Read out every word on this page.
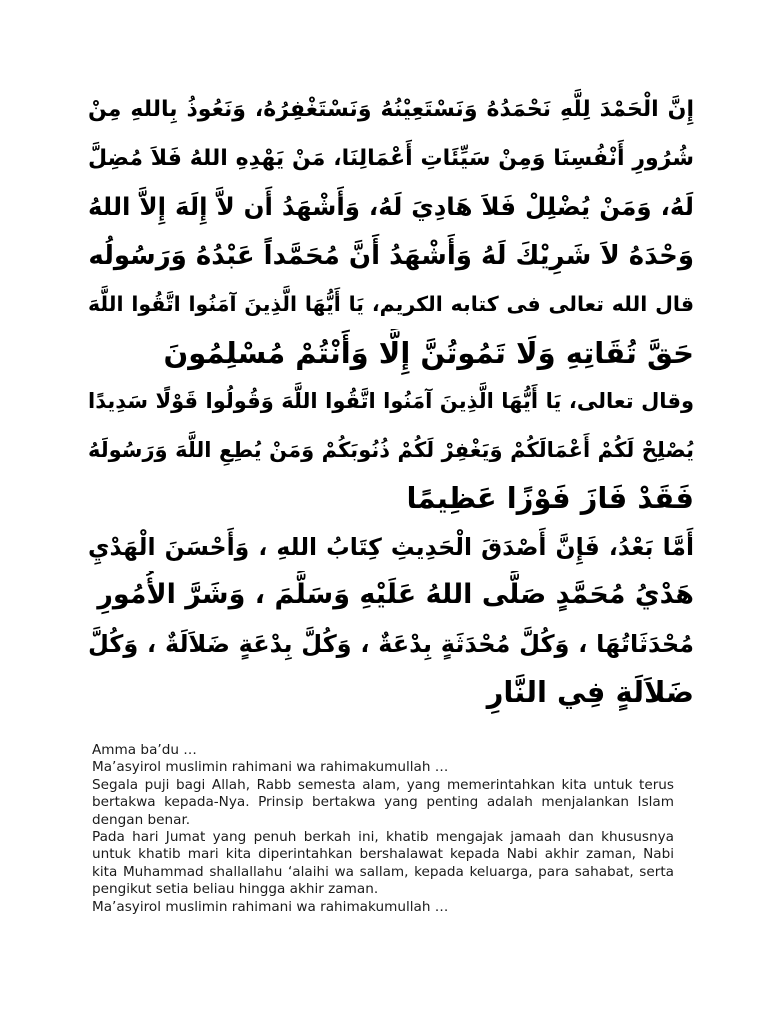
إِنَّ الْحَمْدَ لِلَّهِ نَحْمَدُهُ وَنَسْتَعِيْنُهُ وَنَسْتَغْفِرُهُ، وَنَعُوذُ بِاللهِ مِنْ
شُرُورِ أَنْفُسِنَا وَمِنْ سَيِّئَاتِ أَعْمَالِنَا، مَنْ يَهْدِهِ اللهُ فَلاَ مُضِلَّ
لَهُ، وَمَنْ يُضْلِلْ فَلاَ هَادِيَ لَهُ، وَأَشْهَدُ أَن لاَّ إِلَهَ إِلاَّ اللهُ
وَحْدَهُ لاَ شَرِيْكَ لَهُ وَأَشْهَدُ أَنَّ مُحَمَّداً عَبْدُهُ وَرَسُولُه
قال الله تعالى فى كتابه الكريم، يَا أَيُّهَا الَّذِينَ آمَنُوا اتَّقُوا اللَّهَ
حَقَّ تُقَاتِهِ وَلَا تَمُوتُنَّ إِلَّا وَأَنْتُمْ مُسْلِمُونَ
وقال تعالى، يَا أَيُّهَا الَّذِينَ آمَنُوا اتَّقُوا اللَّهَ وَقُولُوا قَوْلًا سَدِيدًا
يُصْلِحْ لَكُمْ أَعْمَالَكُمْ وَيَغْفِرْ لَكُمْ ذُنُوبَكُمْ وَمَنْ يُطِعِ اللَّهَ وَرَسُولَهُ
فَقَدْ فَازَ فَوْزًا عَظِيمًا
أَمَّا بَعْدُ، فَإِنَّ أَصْدَقَ الْحَدِيثِ كِتَابُ اللهِ ، وَأَحْسَنَ الْهَدْيِ
هَدْيُ مُحَمَّدٍ صَلَّى اللهُ عَلَيْهِ وَسَلَّمَ ، وَشَرَّ الأُمُورِ
مُحْدَثَاتُهَا ، وَكُلَّ مُحْدَثَةٍ بِدْعَةٌ ، وَكُلَّ بِدْعَةٍ ضَلاَلَةٌ ، وَكُلَّ
ضَلاَلَةٍ فِي النَّارِ

Amma ba’du …

Ma’asyirol muslimin rahimani wa rahimakumullah …

Segala puji bagi Allah, Rabb semesta alam, yang memerintahkan kita untuk terus bertakwa kepada-Nya. Prinsip bertakwa yang penting adalah menjalankan Islam dengan benar.

Pada hari Jumat yang penuh berkah ini, khatib mengajak jamaah dan khususnya untuk khatib mari kita diperintahkan bershalawat kepada Nabi akhir zaman, Nabi kita Muhammad shallallahu ‘alaihi wa sallam, kepada keluarga, para sahabat, serta pengikut setia beliau hingga akhir zaman.

Ma’asyirol muslimin rahimani wa rahimakumullah …
